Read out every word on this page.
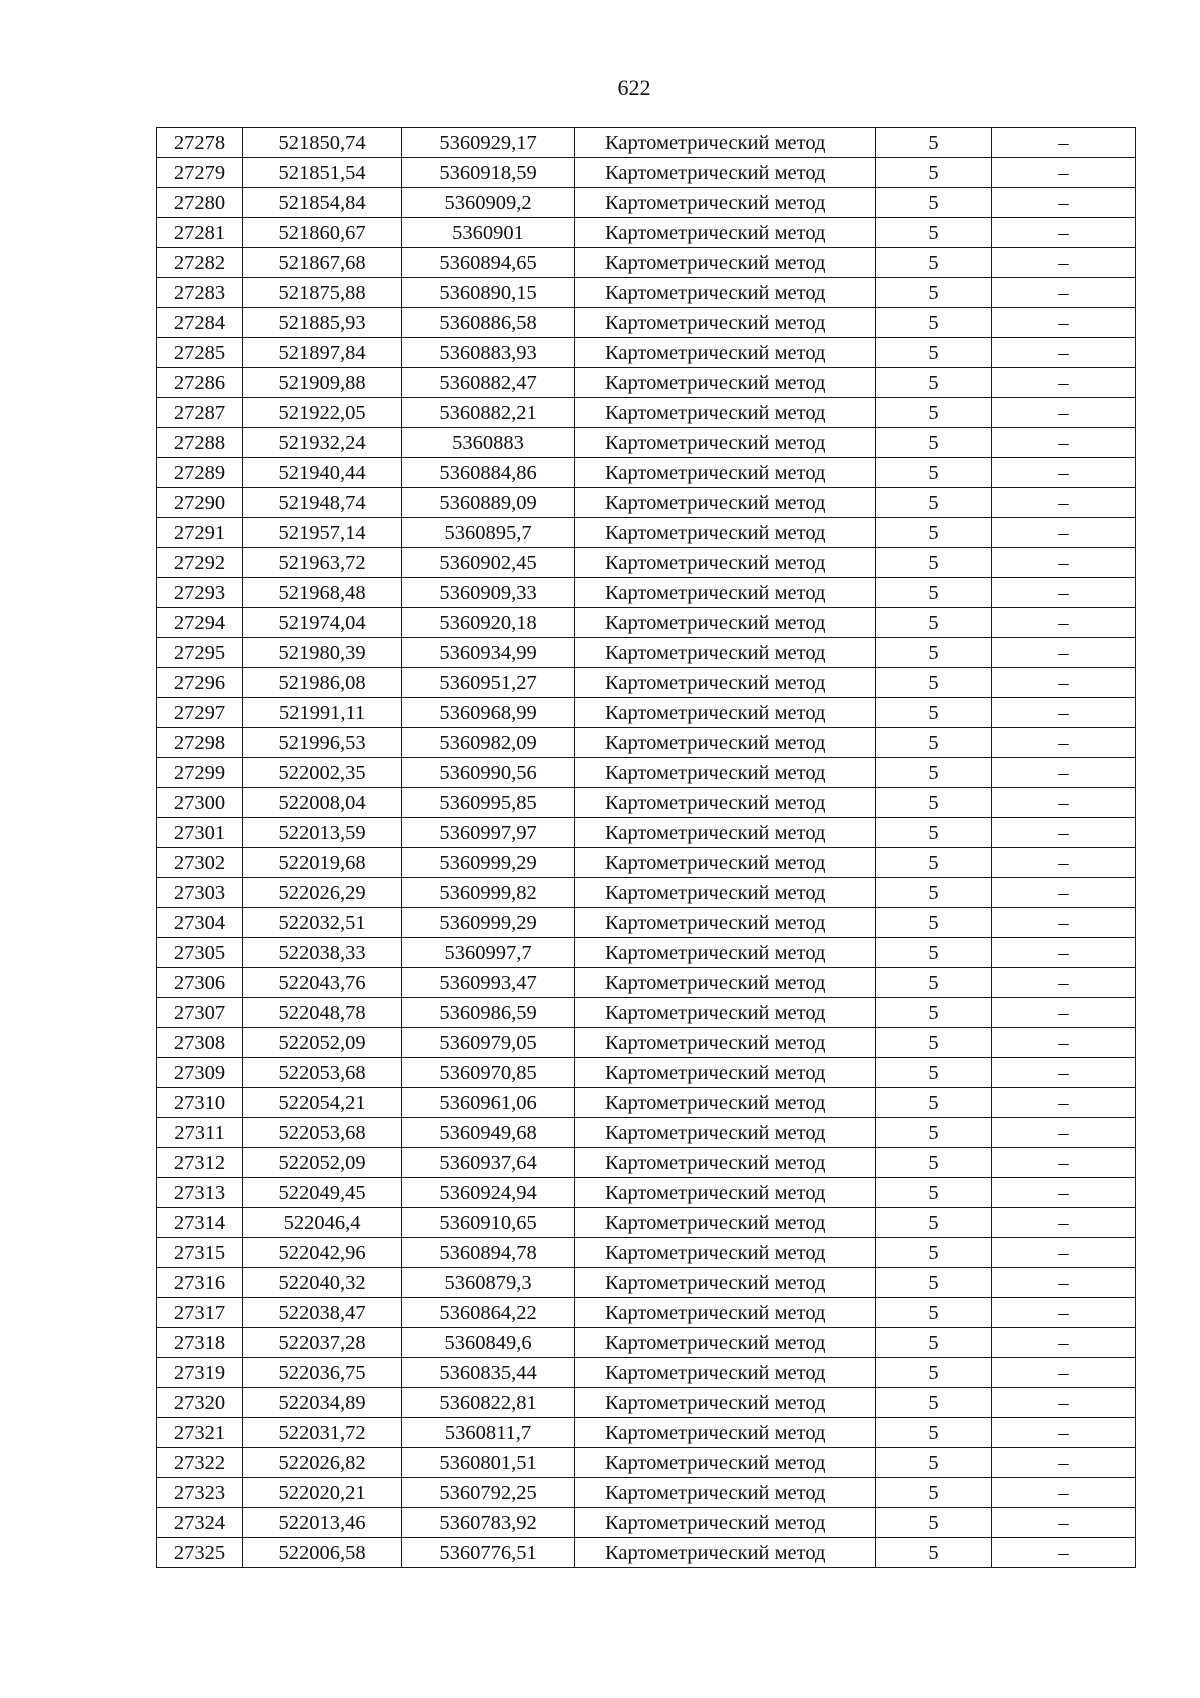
622
27278	521850,74	5360929,17	Картометрический метод	5	–
27279	521851,54	5360918,59	Картометрический метод	5	–
27280	521854,84	5360909,2	Картометрический метод	5	–
27281	521860,67	5360901	Картометрический метод	5	–
27282	521867,68	5360894,65	Картометрический метод	5	–
27283	521875,88	5360890,15	Картометрический метод	5	–
27284	521885,93	5360886,58	Картометрический метод	5	–
27285	521897,84	5360883,93	Картометрический метод	5	–
27286	521909,88	5360882,47	Картометрический метод	5	–
27287	521922,05	5360882,21	Картометрический метод	5	–
27288	521932,24	5360883	Картометрический метод	5	–
27289	521940,44	5360884,86	Картометрический метод	5	–
27290	521948,74	5360889,09	Картометрический метод	5	–
27291	521957,14	5360895,7	Картометрический метод	5	–
27292	521963,72	5360902,45	Картометрический метод	5	–
27293	521968,48	5360909,33	Картометрический метод	5	–
27294	521974,04	5360920,18	Картометрический метод	5	–
27295	521980,39	5360934,99	Картометрический метод	5	–
27296	521986,08	5360951,27	Картометрический метод	5	–
27297	521991,11	5360968,99	Картометрический метод	5	–
27298	521996,53	5360982,09	Картометрический метод	5	–
27299	522002,35	5360990,56	Картометрический метод	5	–
27300	522008,04	5360995,85	Картометрический метод	5	–
27301	522013,59	5360997,97	Картометрический метод	5	–
27302	522019,68	5360999,29	Картометрический метод	5	–
27303	522026,29	5360999,82	Картометрический метод	5	–
27304	522032,51	5360999,29	Картометрический метод	5	–
27305	522038,33	5360997,7	Картометрический метод	5	–
27306	522043,76	5360993,47	Картометрический метод	5	–
27307	522048,78	5360986,59	Картометрический метод	5	–
27308	522052,09	5360979,05	Картометрический метод	5	–
27309	522053,68	5360970,85	Картометрический метод	5	–
27310	522054,21	5360961,06	Картометрический метод	5	–
27311	522053,68	5360949,68	Картометрический метод	5	–
27312	522052,09	5360937,64	Картометрический метод	5	–
27313	522049,45	5360924,94	Картометрический метод	5	–
27314	522046,4	5360910,65	Картометрический метод	5	–
27315	522042,96	5360894,78	Картометрический метод	5	–
27316	522040,32	5360879,3	Картометрический метод	5	–
27317	522038,47	5360864,22	Картометрический метод	5	–
27318	522037,28	5360849,6	Картометрический метод	5	–
27319	522036,75	5360835,44	Картометрический метод	5	–
27320	522034,89	5360822,81	Картометрический метод	5	–
27321	522031,72	5360811,7	Картометрический метод	5	–
27322	522026,82	5360801,51	Картометрический метод	5	–
27323	522020,21	5360792,25	Картометрический метод	5	–
27324	522013,46	5360783,92	Картометрический метод	5	–
27325	522006,58	5360776,51	Картометрический метод	5	–
